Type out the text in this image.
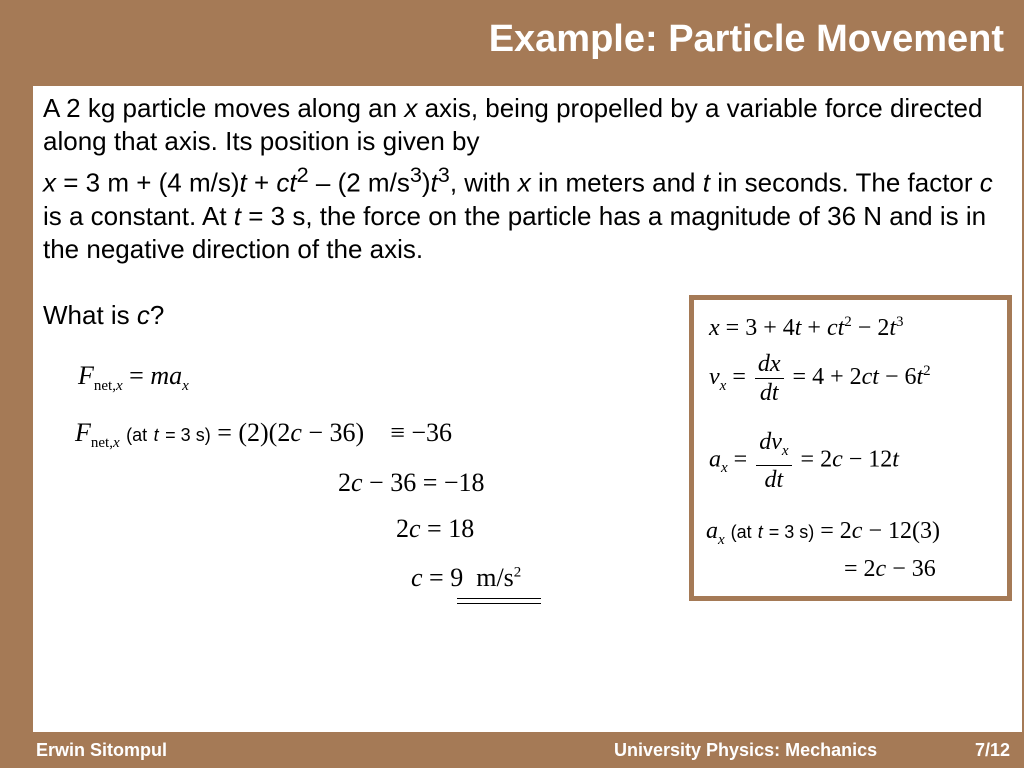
Example: Particle Movement
A 2 kg particle moves along an x axis, being propelled by a variable force directed along that axis. Its position is given by
x = 3 m + (4 $m/s)t + ct^2 - (2$ $m/s^3)t^3$, with x in meters and t in seconds. The factor c is a constant. At t = 3 s, the force on the particle has a magnitude of 36 N and is in the negative direction of the axis.
What is c?
$F_{net,x} = ma_x$
$F_{net,x}$ (at t = 3 s) = (2)(2c − 36) ≡ −36
2c − 36 = −18
2c = 18
c = 9 $m/s^2$
$x = 3 + 4t + ct^2 - 2t^3$
$v_x = \frac{dx}{dt} = 4 + 2ct - 6t^2$
$a_x = \frac{dv_x}{dt} = 2c - 12t$
$a_x$ (at t = 3 s) = 2c − 12(3)
= 2c − 36
Erwin Sitompul	University Physics: Mechanics	7/12
